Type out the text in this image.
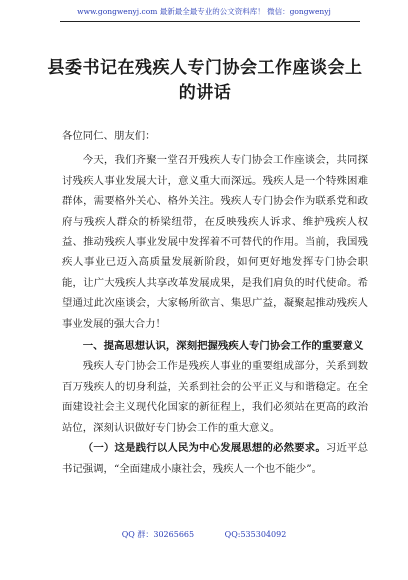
www.gongwenyj.com 最新最全最专业的公文资料库！ 微信：gongwenyj
县委书记在残疾人专门协会工作座谈会上的讲话

各位同仁、朋友们：

今天，我们齐聚一堂召开残疾人专门协会工作座谈会，共同探讨残疾人事业发展大计，意义重大而深远。残疾人是一个特殊困难群体，需要格外关心、格外关注。残疾人专门协会作为联系党和政府与残疾人群众的桥梁纽带，在反映残疾人诉求、维护残疾人权益、推动残疾人事业发展中发挥着不可替代的作用。当前，我国残疾人事业已迈入高质量发展新阶段，如何更好地发挥专门协会职能，让广大残疾人共享改革发展成果，是我们肩负的时代使命。希望通过此次座谈会，大家畅所欲言、集思广益，凝聚起推动残疾人事业发展的强大合力！

一、提高思想认识，深刻把握残疾人专门协会工作的重要意义

残疾人专门协会工作是残疾人事业的重要组成部分，关系到数百万残疾人的切身利益，关系到社会的公平正义与和谐稳定。在全面建设社会主义现代化国家的新征程上，我们必须站在更高的政治站位，深刻认识做好专门协会工作的重大意义。

（一）这是践行以人民为中心发展思想的必然要求。习近平总书记强调，“全面建成小康社会，残疾人一个也不能少”。

QQ 群：30265665	QQ:535304092
